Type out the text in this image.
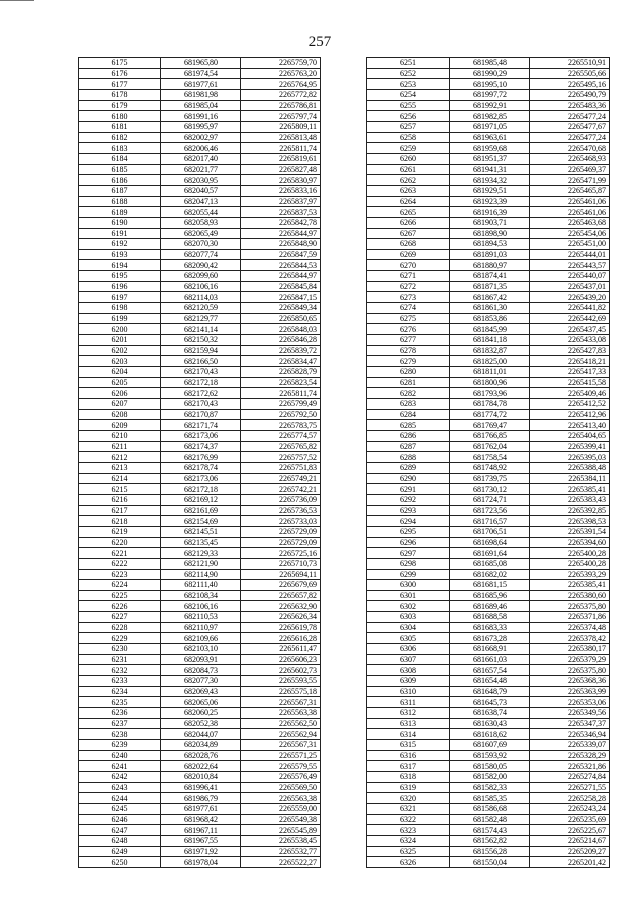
257
6175	681965,80	2265759,70
6176	681974,54	2265763,20
6177	681977,61	2265764,95
6178	681981,98	2265772,82
6179	681985,04	2265786,81
6180	681991,16	2265797,74
6181	681995,97	2265809,11
6182	682002,97	2265813,48
6183	682006,46	2265811,74
6184	682017,40	2265819,61
6185	682021,77	2265827,48
6186	682030,95	2265830,97
6187	682040,57	2265833,16
6188	682047,13	2265837,97
6189	682055,44	2265837,53
6190	682058,93	2265842,78
6191	682065,49	2265844,97
6192	682070,30	2265848,90
6193	682077,74	2265847,59
6194	682090,42	2265844,53
6195	682099,60	2265844,97
6196	682106,16	2265845,84
6197	682114,03	2265847,15
6198	682120,59	2265849,34
6199	682129,77	2265850,65
6200	682141,14	2265848,03
6201	682150,32	2265846,28
6202	682159,94	2265839,72
6203	682166,50	2265834,47
6204	682170,43	2265828,79
6205	682172,18	2265823,54
6206	682172,62	2265811,74
6207	682170,43	2265799,49
6208	682170,87	2265792,50
6209	682171,74	2265783,75
6210	682173,06	2265774,57
6211	682174,37	2265765,82
6212	682176,99	2265757,52
6213	682178,74	2265751,83
6214	682173,06	2265749,21
6215	682172,18	2265742,21
6216	682169,12	2265736,09
6217	682161,69	2265736,53
6218	682154,69	2265733,03
6219	682145,51	2265729,09
6220	682135,45	2265729,09
6221	682129,33	2265725,16
6222	682121,90	2265710,73
6223	682114,90	2265694,11
6224	682111,40	2265679,69
6225	682108,34	2265657,82
6226	682106,16	2265632,90
6227	682110,53	2265626,34
6228	682110,97	2265619,78
6229	682109,66	2265616,28
6230	682103,10	2265611,47
6231	682093,91	2265606,23
6232	682084,73	2265602,73
6233	682077,30	2265593,55
6234	682069,43	2265575,18
6235	682065,06	2265567,31
6236	682060,25	2265563,38
6237	682052,38	2265562,50
6238	682044,07	2265562,94
6239	682034,89	2265567,31
6240	682028,76	2265571,25
6241	682022,64	2265579,55
6242	682010,84	2265576,49
6243	681996,41	2265569,50
6244	681986,79	2265563,38
6245	681977,61	2265559,00
6246	681968,42	2265549,38
6247	681967,11	2265545,89
6248	681967,55	2265538,45
6249	681971,92	2265532,77
6250	681978,04	2265522,27
6251	681985,48	2265510,91
6252	681990,29	2265505,66
6253	681995,10	2265495,16
6254	681997,72	2265490,79
6255	681992,91	2265483,36
6256	681982,85	2265477,24
6257	681971,05	2265477,67
6258	681963,61	2265477,24
6259	681959,68	2265470,68
6260	681951,37	2265468,93
6261	681941,31	2265469,37
6262	681934,32	2265471,99
6263	681929,51	2265465,87
6264	681923,39	2265461,06
6265	681916,39	2265461,06
6266	681903,71	2265463,68
6267	681898,90	2265454,06
6268	681894,53	2265451,00
6269	681891,03	2265444,01
6270	681880,97	2265443,57
6271	681874,41	2265440,07
6272	681871,35	2265437,01
6273	681867,42	2265439,20
6274	681861,30	2265441,82
6275	681853,86	2265442,69
6276	681845,99	2265437,45
6277	681841,18	2265433,08
6278	681832,87	2265427,83
6279	681825,00	2265418,21
6280	681811,01	2265417,33
6281	681800,96	2265415,58
6282	681793,96	2265409,46
6283	681784,78	2265412,52
6284	681774,72	2265412,96
6285	681769,47	2265413,40
6286	681766,85	2265404,65
6287	681762,04	2265399,41
6288	681758,54	2265395,03
6289	681748,92	2265388,48
6290	681739,75	2265384,11
6291	681730,12	2265385,41
6292	681724,71	2265383,43
6293	681723,56	2265392,85
6294	681716,57	2265398,53
6295	681706,51	2265391,54
6296	681698,64	2265394,60
6297	681691,64	2265400,28
6298	681685,08	2265400,28
6299	681682,02	2265393,29
6300	681681,15	2265385,41
6301	681685,96	2265380,60
6302	681689,46	2265375,80
6303	681688,58	2265371,86
6304	681683,33	2265374,48
6305	681673,28	2265378,42
6306	681668,91	2265380,17
6307	681661,03	2265379,29
6308	681657,54	2265375,80
6309	681654,48	2265368,36
6310	681648,79	2265363,99
6311	681645,73	2265353,06
6312	681638,74	2265349,56
6313	681630,43	2265347,37
6314	681618,62	2265346,94
6315	681607,69	2265339,07
6316	681593,92	2265328,29
6317	681580,05	2265321,86
6318	681582,00	2265274,84
6319	681582,33	2265271,55
6320	681585,35	2265258,28
6321	681586,68	2265243,24
6322	681582,48	2265235,69
6323	681574,43	2265225,67
6324	681562,82	2265214,67
6325	681556,28	2265209,27
6326	681550,04	2265201,42
